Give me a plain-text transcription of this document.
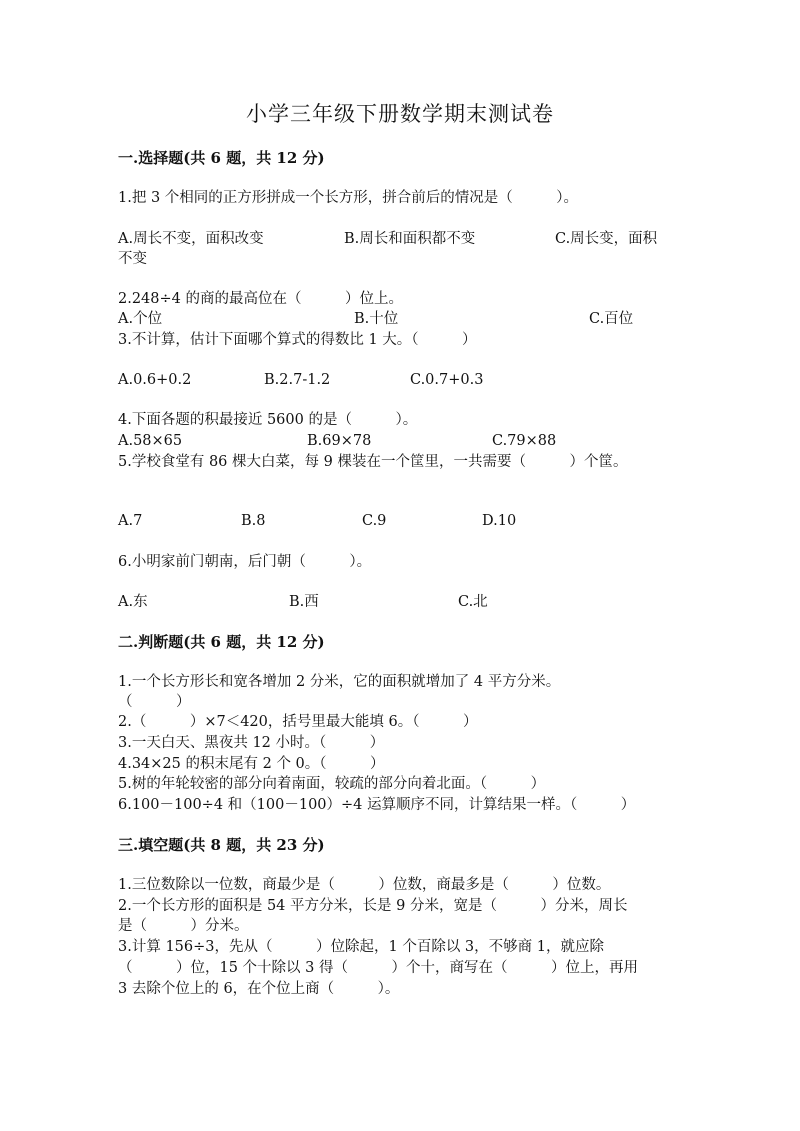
小学三年级下册数学期末测试卷
一.选择题(共 6 题，共 12 分)
1.把 3 个相同的正方形拼成一个长方形，拼合前后的情况是（　　　）。
A.周长不变，面积改变	B.周长和面积都不变	C.周长变，面积
不变
2.248÷4 的商的最高位在（　　　）位上。
A.个位	B.十位	C.百位
3.不计算，估计下面哪个算式的得数比 1 大。（　　　）
A.0.6+0.2	B.2.7-1.2	C.0.7+0.3
4.下面各题的积最接近 5600 的是（　　　）。
A.58×65	B.69×78	C.79×88
5.学校食堂有 86 棵大白菜，每 9 棵装在一个筐里，一共需要（　　　）个筐。
A.7	B.8	C.9	D.10
6.小明家前门朝南，后门朝（　　　）。
A.东	B.西	C.北
二.判断题(共 6 题，共 12 分)
1.一个长方形长和宽各增加 2 分米，它的面积就增加了 4 平方分米。
（　　　）
2.（　　　）×7＜420，括号里最大能填 6。（　　　）
3.一天白天、黑夜共 12 小时。（　　　）
4.34×25 的积末尾有 2 个 0。（　　　）
5.树的年轮较密的部分向着南面，较疏的部分向着北面。（　　　）
6.100－100÷4 和（100－100）÷4 运算顺序不同，计算结果一样。（　　　）
三.填空题(共 8 题，共 23 分)
1.三位数除以一位数，商最少是（　　　）位数，商最多是（　　　）位数。
2.一个长方形的面积是 54 平方分米，长是 9 分米，宽是（　　　）分米，周长
是（　　　）分米。
3.计算 156÷3，先从（　　　）位除起，1 个百除以 3，不够商 1，就应除
（　　　）位，15 个十除以 3 得（　　　）个十，商写在（　　　）位上，再用
3 去除个位上的 6，在个位上商（　　　）。
